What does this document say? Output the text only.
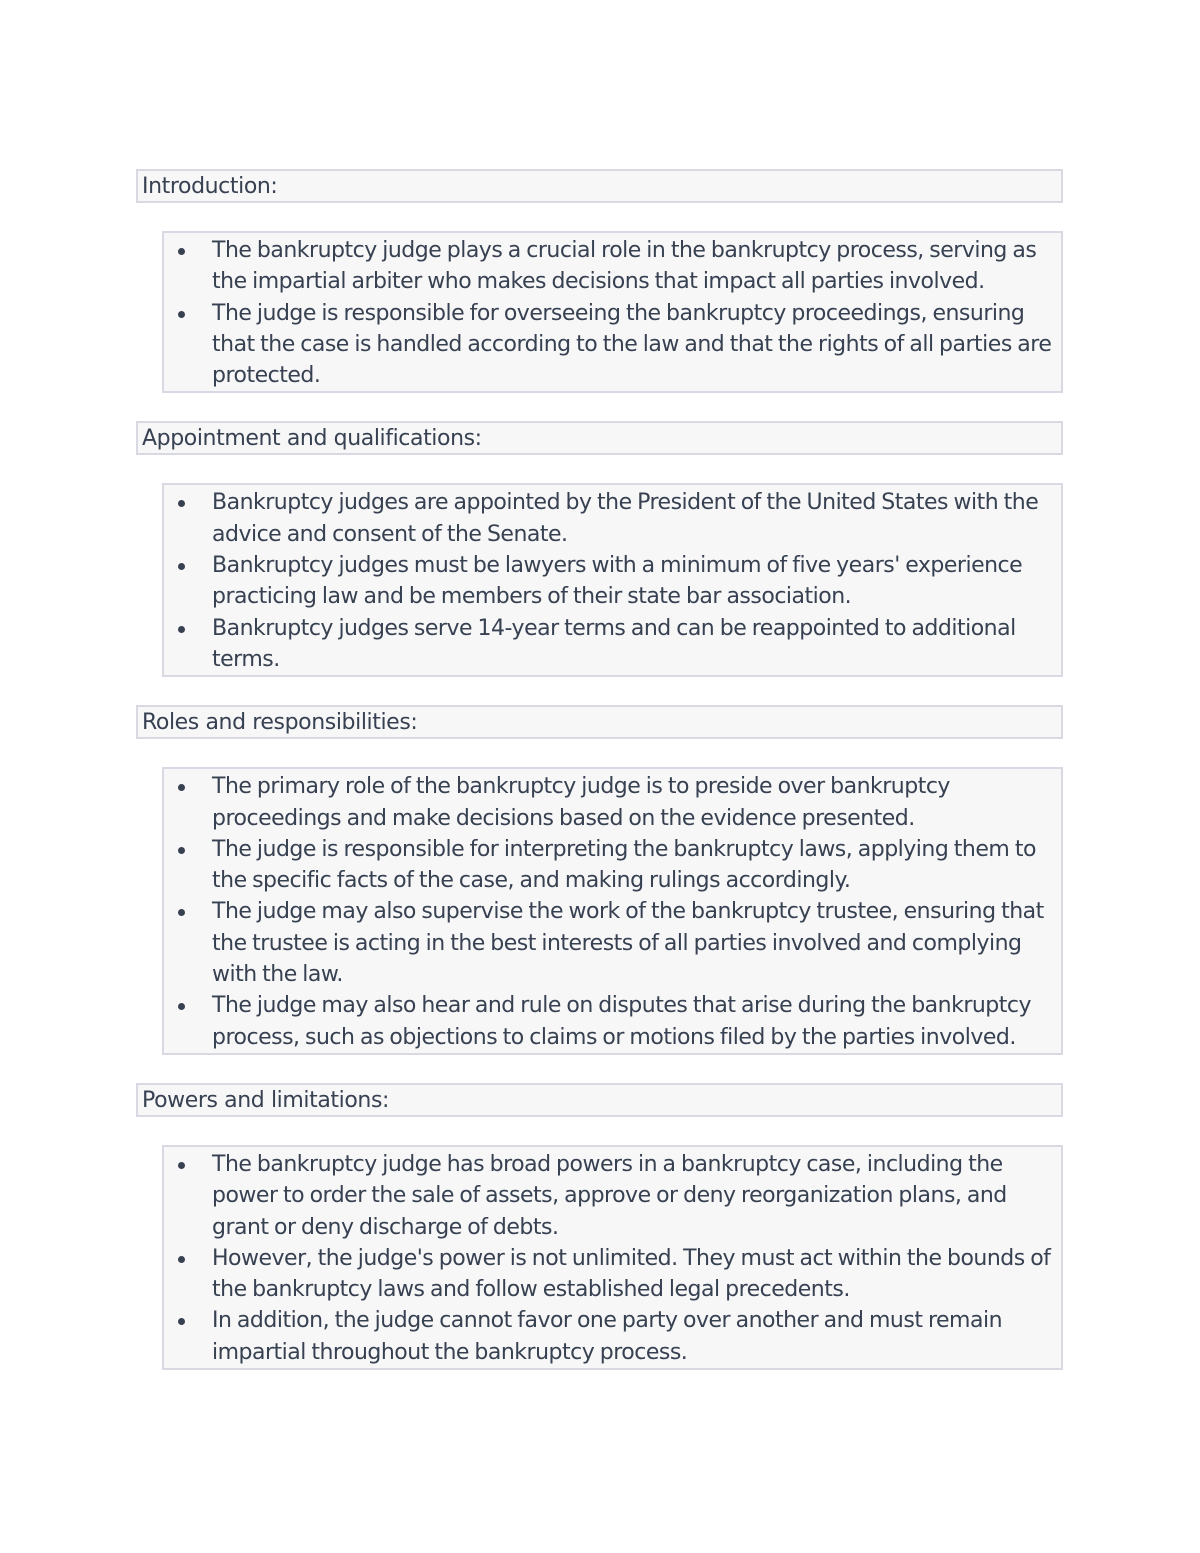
Introduction:
The bankruptcy judge plays a crucial role in the bankruptcy process, serving as the impartial arbiter who makes decisions that impact all parties involved.
The judge is responsible for overseeing the bankruptcy proceedings, ensuring that the case is handled according to the law and that the rights of all parties are protected.
Appointment and qualifications:
Bankruptcy judges are appointed by the President of the United States with the advice and consent of the Senate.
Bankruptcy judges must be lawyers with a minimum of five years' experience practicing law and be members of their state bar association.
Bankruptcy judges serve 14-year terms and can be reappointed to additional terms.
Roles and responsibilities:
The primary role of the bankruptcy judge is to preside over bankruptcy proceedings and make decisions based on the evidence presented.
The judge is responsible for interpreting the bankruptcy laws, applying them to the specific facts of the case, and making rulings accordingly.
The judge may also supervise the work of the bankruptcy trustee, ensuring that the trustee is acting in the best interests of all parties involved and complying with the law.
The judge may also hear and rule on disputes that arise during the bankruptcy process, such as objections to claims or motions filed by the parties involved.
Powers and limitations:
The bankruptcy judge has broad powers in a bankruptcy case, including the power to order the sale of assets, approve or deny reorganization plans, and grant or deny discharge of debts.
However, the judge's power is not unlimited. They must act within the bounds of the bankruptcy laws and follow established legal precedents.
In addition, the judge cannot favor one party over another and must remain impartial throughout the bankruptcy process.
